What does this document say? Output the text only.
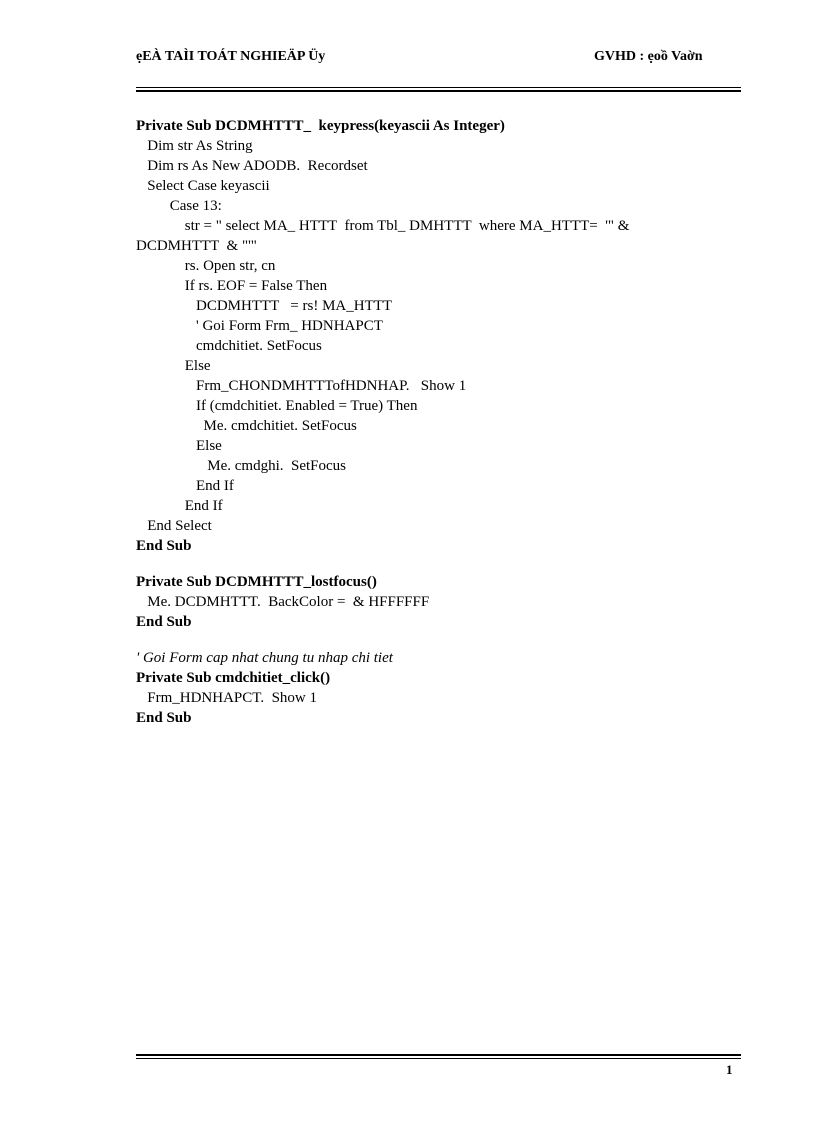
ẹEÀ TAÌI TOÁT NGHIEÄP Üy	GVHD : ẹoồ Vaờn
Private Sub DCDMHTTT_  keypress(keyascii As Integer)
Dim str As String
Dim rs As New ADODB.  Recordset
Select Case keyascii
Case 13:
str = " select MA_ HTTT  from Tbl_ DMHTTT  where MA_HTTT=  '" &
DCDMHTTT  & "'"
rs. Open str, cn
If rs. EOF = False Then
DCDMHTTT   = rs! MA_HTTT
' Goi Form Frm_ HDNHAPCT
cmdchitiet. SetFocus
Else
Frm_CHONDMHTTTofHDNHAP.   Show 1
If (cmdchitiet. Enabled = True) Then
Me. cmdchitiet. SetFocus
Else
Me. cmdghi.  SetFocus
End If
End If
End Select
End Sub
Private Sub DCDMHTTT_lostfocus()
Me. DCDMHTTT.  BackColor =  & HFFFFFF
End Sub
' Goi Form cap nhat chung tu nhap chi tiet
Private Sub cmdchitiet_click()
Frm_HDNHAPCT.  Show 1
End Sub
1
